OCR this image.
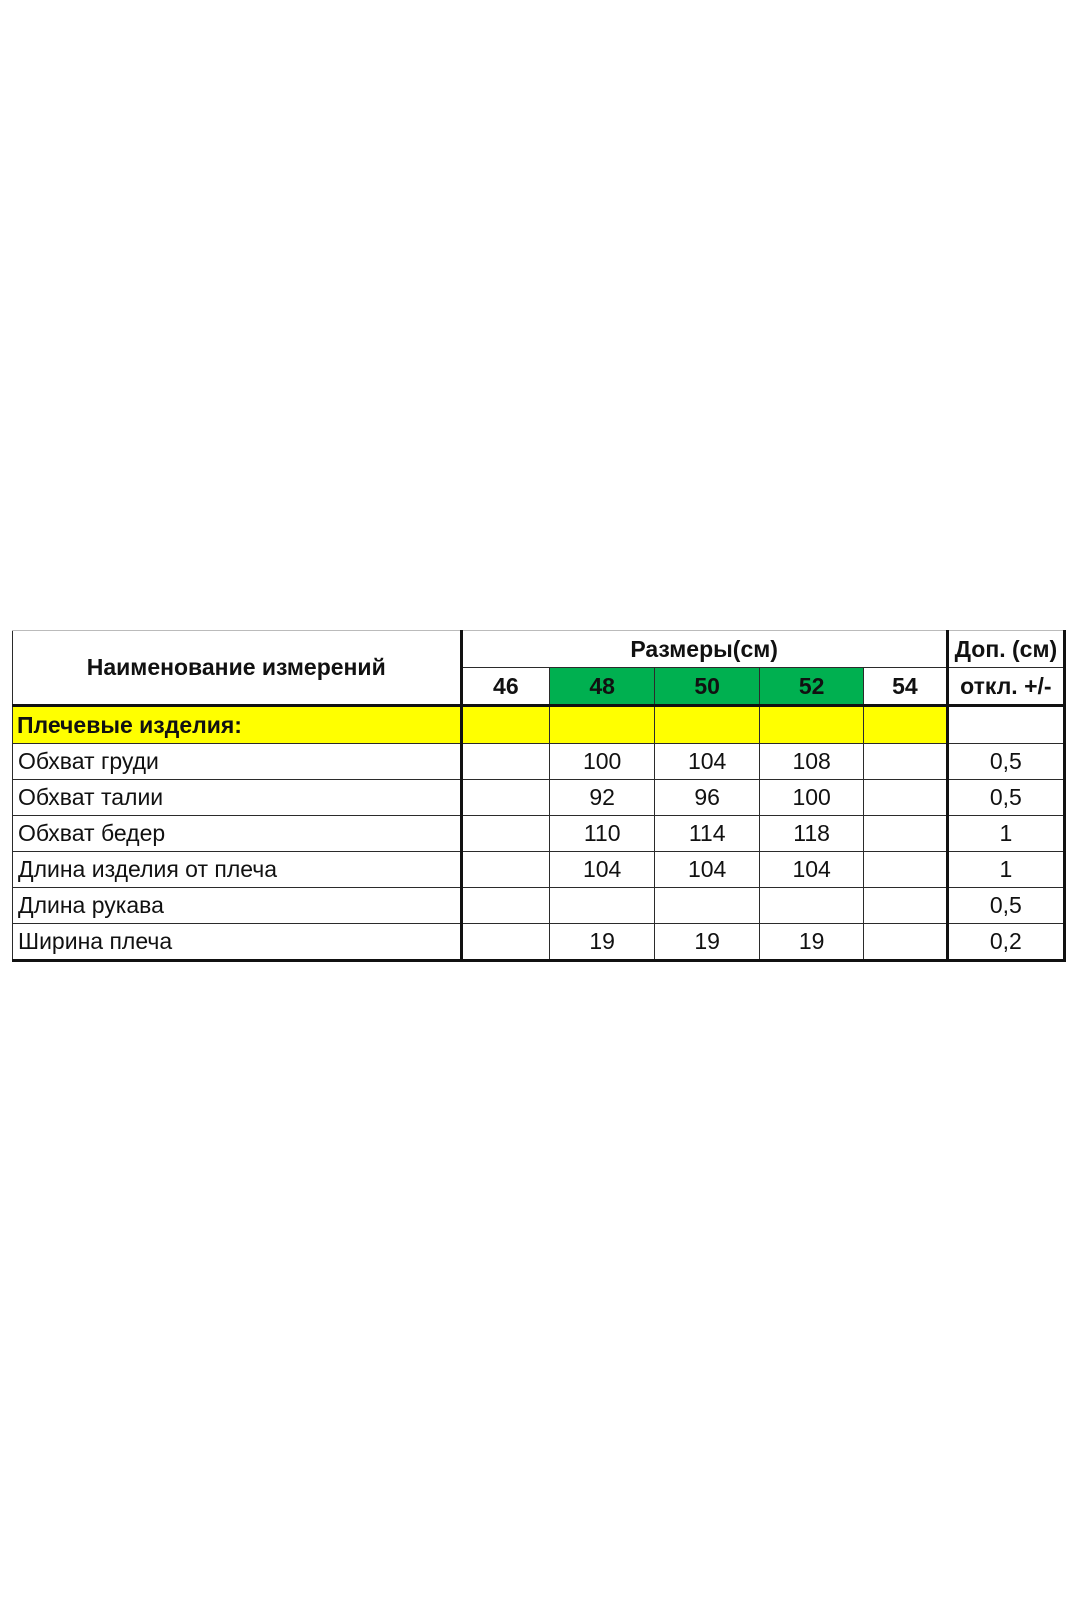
Наименование измерений	Размеры(см)					Доп. (см)
	46	48	50	52	54	откл. +/-
Плечевые изделия:						
Обхват груди		100	104	108		0,5
Обхват талии		92	96	100		0,5
Обхват бедер		110	114	118		1
Длина изделия от плеча		104	104	104		1
Длина рукава						0,5
Ширина плеча		19	19	19		0,2
